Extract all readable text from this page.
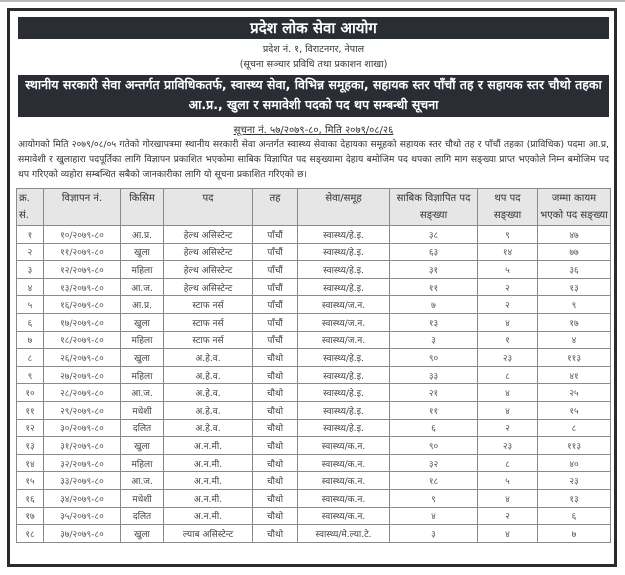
प्रदेश लोक सेवा आयोग
प्रदेश नं. १, विराटनगर, नेपाल
(सूचना सञ्चार प्रविधि तथा प्रकाशन शाखा)
स्थानीय सरकारी सेवा अन्तर्गत प्राविधिकतर्फ, स्वास्थ्य सेवा, विभिन्न समूहका, सहायक स्तर पाँचौं तह र सहायक स्तर चौथो तहका आ.प्र., खुला र समावेशी पदको पद थप सम्बन्धी सूचना
सूचना नं. ५७/२०७९-८०, मिति २०७९/०८/२६
आयोगको मिति २०७९/०८/०५ गतेको गोरखापत्रमा स्थानीय सरकारी सेवा अन्तर्गत स्वास्थ्य सेवाका देहायका समूहको सहायक स्तर चौथो तह र पाँचौं तहका (प्राविधिक) पदमा आ.प्र, समावेशी र खुलाहारा पदपूर्तिका लागि विज्ञापन प्रकाशित भएकोमा साबिक विज्ञापित पद सङ्ख्यामा देहाय बमोजिम पद थपका लागि माग सङ्ख्या प्राप्त भएकोले निम्न बमोजिम पद थप गरिएको व्यहोरा सम्बन्धित सबैको जानकारीका लागि यो सूचना प्रकाशित गरिएको छ।
क्र. सं.	विज्ञापन नं.	किसिम	पद	तह	सेवा/समूह	साबिक विज्ञापित पद सङ्ख्या	थप पद सङ्ख्या	जम्मा कायम भएको पद सङ्ख्या
१	१०/२०७९-८०	आ.प्र.	हेल्थ असिस्टेन्ट	पाँचौं	स्वास्थ्य/हे.इ.	३८	९	४७
२	११/२०७९-८०	खुला	हेल्थ असिस्टेन्ट	पाँचौं	स्वास्थ्य/हे.इ.	६३	१४	७७
३	१२/२०७९-८०	महिला	हेल्थ असिस्टेन्ट	पाँचौं	स्वास्थ्य/हे.इ.	३१	५	३६
४	१३/२०७९-८०	आ.ज.	हेल्थ असिस्टेन्ट	पाँचौं	स्वास्थ्य/हे.इ.	११	२	१३
५	१६/२०७९-८०	आ.प्र.	स्टाफ नर्स	पाँचौं	स्वास्थ्य/ज.न.	७	२	९
६	१७/२०७९-८०	खुला	स्टाफ नर्स	पाँचौं	स्वास्थ्य/ज.न.	१३	४	१७
७	१८/२०७९-८०	महिला	स्टाफ नर्स	पाँचौं	स्वास्थ्य/ज.न.	३	१	४
८	२६/२०७९-८०	खुला	अ.हे.व.	चौथो	स्वास्थ्य/हे.इ.	९०	२३	११३
९	२७/२०७९-८०	महिला	अ.हे.व.	चौथो	स्वास्थ्य/हे.इ.	३३	८	४१
१०	२८/२०७९-८०	आ.ज.	अ.हे.व.	चौथो	स्वास्थ्य/हे.इ.	२१	४	२५
११	२९/२०७९-८०	मधेशी	अ.हे.व.	चौथो	स्वास्थ्य/हे.इ.	११	४	१५
१२	३०/२०७९-८०	दलित	अ.हे.व.	चौथो	स्वास्थ्य/हे.इ.	६	२	८
१३	३१/२०७९-८०	खुला	अ.न.मी.	चौथो	स्वास्थ्य/क.न.	९०	२३	११३
१४	३२/२०७९-८०	महिला	अ.न.मी.	चौथो	स्वास्थ्य/क.न.	३२	८	४०
१५	३३/२०७९-८०	आ.ज.	अ.न.मी.	चौथो	स्वास्थ्य/क.न.	१८	५	२३
१६	३४/२०७९-८०	मधेशी	अ.न.मी.	चौथो	स्वास्थ्य/क.न.	९	४	१३
१७	३५/२०७९-८०	दलित	अ.न.मी.	चौथो	स्वास्थ्य/क.न.	४	२	६
१८	३७/२०७९-८०	खुला	ल्याब असिस्टेन्ट	चौथो	स्वास्थ्य/मे.ल्या.टे.	३	४	७
